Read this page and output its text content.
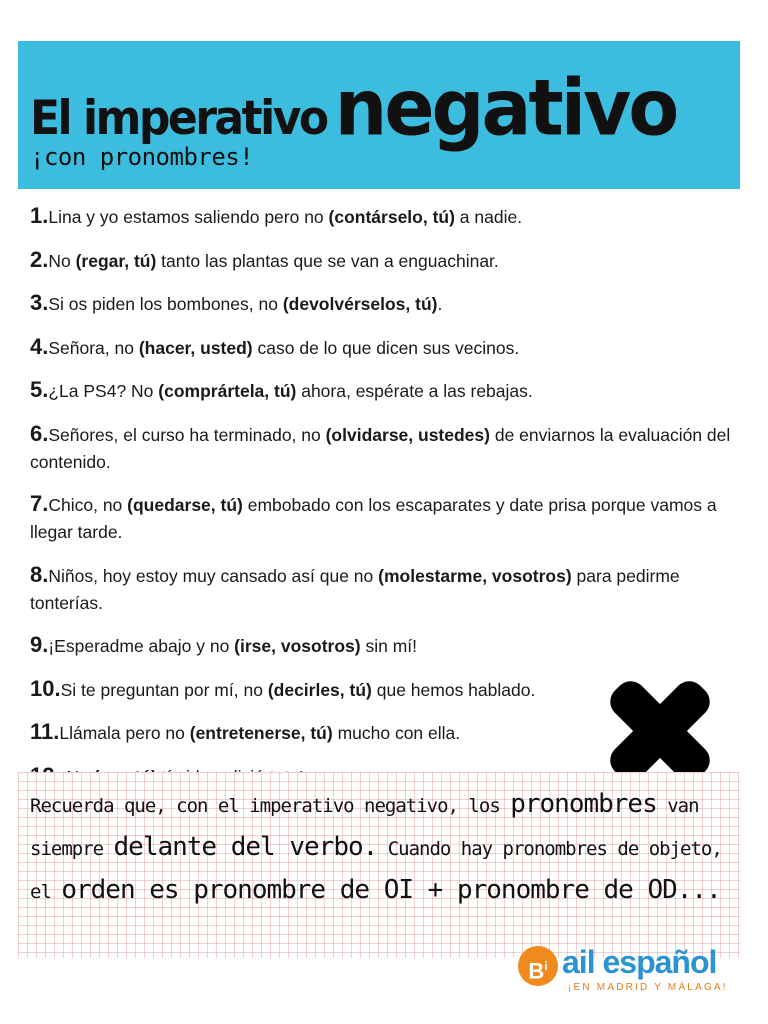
El imperativo negativo
¡con pronombres!
1.Lina y yo estamos saliendo pero no (contárselo, tú) a nadie.
2.No (regar, tú) tanto las plantas que se van a enguachinar.
3.Si os piden los bombones, no (devolvérselos, tú).
4.Señora, no (hacer, usted) caso de lo que dicen sus vecinos.
5.¿La PS4? No (comprártela, tú) ahora, espérate a las rebajas.
6.Señores, el curso ha terminado, no (olvidarse, ustedes) de enviarnos la evaluación del contenido.
7.Chico, no (quedarse, tú) embobado con los escaparates y date prisa porque vamos a llegar tarde.
8.Niños, hoy estoy muy cansado así que no (molestarme, vosotros) para pedirme tonterías.
9.¡Esperadme abajo y no (irse, vosotros) sin mí!
10.Si te preguntan por mí, no (decirles, tú) que hemos hablado.
11.Llámala pero no (entretenerse, tú) mucho con ella.
Recuerda que, con el imperativo negativo, los pronombres van siempre delante del verbo. Cuando hay pronombres de objeto, el orden es pronombre de OI + pronombre de OD...
$B^i$ ail español
¡EN MADRID Y MÁLAGA!
